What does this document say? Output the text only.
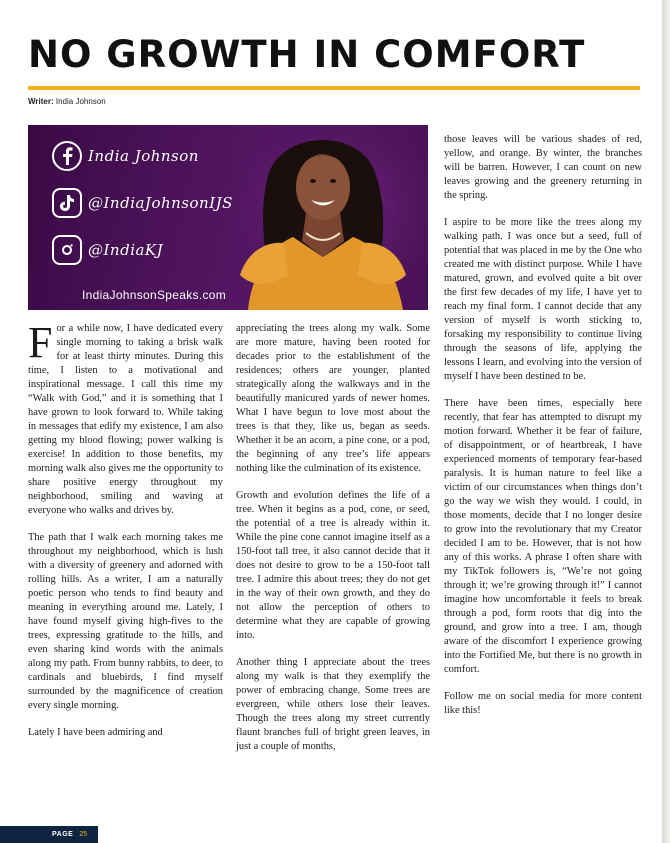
NO GROWTH IN COMFORT
Writer: India Johnson
India Johnson
@IndiaJohnsonIJS
@IndiaKJ
IndiaJohnsonSpeaks.com

For a while now, I have dedicated every single morning to taking a brisk walk for at least thirty minutes. During this time, I listen to a motivational and inspirational message. I call this time my “Walk with God,” and it is something that I have grown to look forward to. While taking in messages that edify my existence, I am also getting my blood flowing; power walking is exercise! In addition to those benefits, my morning walk also gives me the opportunity to share positive energy throughout my neighborhood, smiling and waving at everyone who walks and drives by.

The path that I walk each morning takes me throughout my neighborhood, which is lush with a diversity of greenery and adorned with rolling hills. As a writer, I am a naturally poetic person who tends to find beauty and meaning in everything around me. Lately, I have found myself giving high-fives to the trees, expressing gratitude to the hills, and even sharing kind words with the animals along my path. From bunny rabbits, to deer, to cardinals and bluebirds, I find myself surrounded by the magnificence of creation every single morning.

Lately I have been admiring and

appreciating the trees along my walk. Some are more mature, having been rooted for decades prior to the establishment of the residences; others are younger, planted strategically along the walkways and in the beautifully manicured yards of newer homes. What I have begun to love most about the trees is that they, like us, began as seeds. Whether it be an acorn, a pine cone, or a pod, the beginning of any tree’s life appears nothing like the culmination of its existence.

Growth and evolution defines the life of a tree. When it begins as a pod, cone, or seed, the potential of a tree is already within it. While the pine cone cannot imagine itself as a 150-foot tall tree, it also cannot decide that it does not desire to grow to be a 150-foot tall tree. I admire this about trees; they do not get in the way of their own growth, and they do not allow the perception of others to determine what they are capable of growing into.

Another thing I appreciate about the trees along my walk is that they exemplify the power of embracing change. Some trees are evergreen, while others lose their leaves. Though the trees along my street currently flaunt branches full of bright green leaves, in just a couple of months,

those leaves will be various shades of red, yellow, and orange. By winter, the branches will be barren. However, I can count on new leaves growing and the greenery returning in the spring.

I aspire to be more like the trees along my walking path. I was once but a seed, full of potential that was placed in me by the One who created me with distinct purpose. While I have matured, grown, and evolved quite a bit over the first few decades of my life, I have yet to reach my final form. I cannot decide that any version of myself is worth sticking to, forsaking my responsibility to continue living through the seasons of life, applying the lessons I learn, and evolving into the version of myself I have been destined to be.

There have been times, especially here recently, that fear has attempted to disrupt my motion forward. Whether it be fear of failure, of disappointment, or of heartbreak, I have experienced moments of temporary fear-based paralysis. It is human nature to feel like a victim of our circumstances when things don’t go the way we wish they would. I could, in those moments, decide that I no longer desire to grow into the revolutionary that my Creator decided I am to be. However, that is not how any of this works. A phrase I often share with my TikTok followers is, “We’re not going through it; we’re growing through it!” I cannot imagine how uncomfortable it feels to break through a pod, form roots that dig into the ground, and grow into a tree. I am, though aware of the discomfort I experience growing into the Fortified Me, but there is no growth in comfort.

Follow me on social media for more content like this!

PAGE 25
